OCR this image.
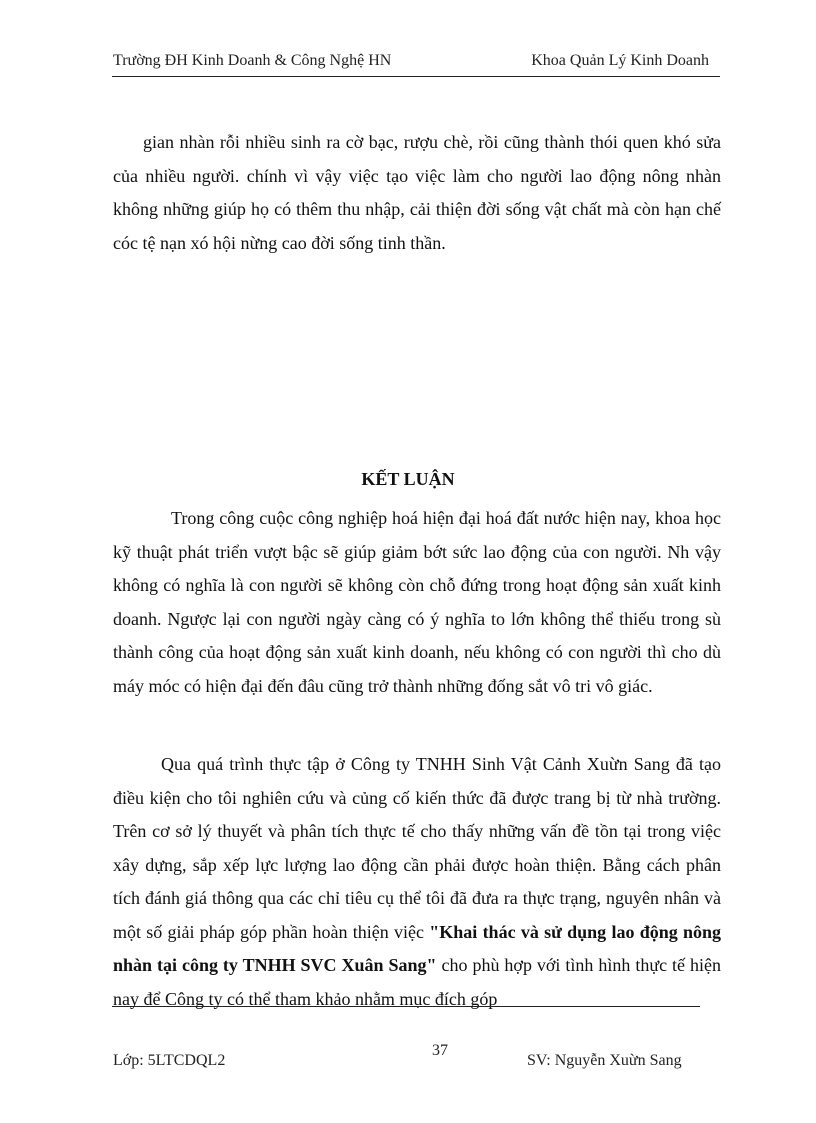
Trường ĐH Kinh Doanh & Công Nghệ HN	Khoa Quản Lý Kinh Doanh

gian nhàn rỗi nhiều sinh ra cờ bạc, rượu chè, rồi cũng thành thói quen khó sửa của nhiều người. chính vì vậy việc tạo việc làm cho người lao động nông nhàn không những giúp họ có thêm thu nhập, cải thiện đời sống vật chất mà còn hạn chế cóc tệ nạn xó hội nừng cao đời sống tinh thần.

KẾT LUẬN

Trong công cuộc công nghiệp hoá hiện đại hoá đất nước hiện nay, khoa học kỹ thuật phát triển vượt bậc sẽ giúp giảm bớt sức lao động của con người. Nh vậy không có nghĩa là con người sẽ không còn chỗ đứng trong hoạt động sản xuất kinh doanh. Ngược lại con người ngày càng có ý nghĩa to lớn không thể thiếu trong sù thành công của hoạt động sản xuất kinh doanh, nếu không có con người thì cho dù máy móc có hiện đại đến đâu cũng trở thành những đống sắt vô tri vô giác.

Qua quá trình thực tập ở Công ty TNHH Sinh Vật Cảnh Xuừn Sang đã tạo điều kiện cho tôi nghiên cứu và củng cố kiến thức đã được trang bị từ nhà trường. Trên cơ sở lý thuyết và phân tích thực tế cho thấy những vấn đề tồn tại trong việc xây dựng, sắp xếp lực lượng lao động cần phải được hoàn thiện. Bằng cách phân tích đánh giá thông qua các chỉ tiêu cụ thể tôi đã đưa ra thực trạng, nguyên nhân và một số giải pháp góp phần hoàn thiện việc "Khai thác và sử dụng lao động nông nhàn tại công ty TNHH SVC Xuân Sang" cho phù hợp với tình hình thực tế hiện nay để Công ty có thể tham khảo nhằm mục đích góp

Lớp: 5LTCDQL2
37
SV: Nguyễn Xuừn Sang
